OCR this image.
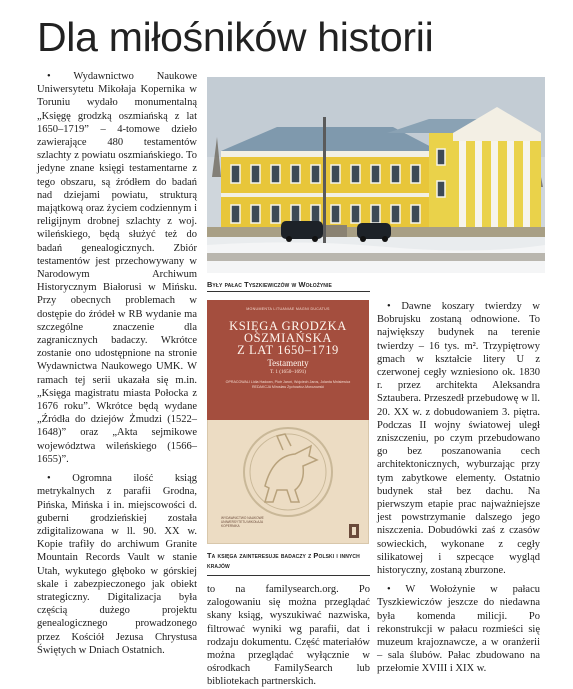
Dla miłośników historii

• Wydawnictwo Naukowe Uniwersytetu Mikołaja Kopernika w Toruniu wydało monumentalną „Księgę grodzką oszmiańską z lat 1650–1719” – 4-tomowe dzieło zawierające 480 testamentów szlachty z powiatu oszmiańskiego. To jedyne znane księgi testamentarne z tego obszaru, są źródłem do badań nad dziejami powiatu, strukturą majątkową oraz życiem codziennym i religijnym drobnej szlachty z woj. wileńskiego, będą służyć też do badań genealogicznych. Zbiór testamentów jest przechowywany w Narodowym Archiwum Historycznym Białorusi w Mińsku. Przy obecnych problemach w dostępie do źródeł w RB wydanie ma szczególne znaczenie dla zagranicznych badaczy. Wkrótce zostanie ono udostępnione na stronie Wydawnictwa Naukowego UMK. W ramach tej serii ukazała się m.in. „Księga magistratu miasta Połocka z 1676 roku”. Wkrótce będą wydane „Źródła do dziejów Żmudzi (1522–1648)” oraz „Akta sejmikowe województwa wileńskiego (1566–1655)”.

• Ogromna ilość ksiąg metrykalnych z parafii Grodna, Pińska, Mińska i in. miejscowości d. guberni grodzieńskiej została zdigitalizowana w ll. 90. XX w. Kopie trafiły do archiwum Granite Mountain Records Vault w stanie Utah, wykutego głęboko w górskiej skale i zabezpieczonego jak obiekt strategiczny. Digitalizacja była częścią dużego projektu genealogicznego prowadzonego przez Kościół Jezusa Chrystusa Świętych w Dniach Ostatnich.

Były pałac Tyszkiewiczów w Wołożynie
MONUMENTA LITUANIAE MAGNI DUCATUS
KSIĘGA GRODZKA
OSZMIAŃSKA
Z LAT 1650–1719
Testamenty
T. 1 (1650–1691)
OPRACOWALI Lidia Hadown, Piotr Jaroń, Wojciech Jaros, Jolanta Mnisiewicz REDAKCJA Mirosław Zychowicz-Morozowski
WYDAWNICTWO NAUKOWE UNIWERSYTETU MIKOŁAJA KOPERNIKA
Ta księga zainteresuje badaczy z Polski i innych krajów

to na familysearch.org. Po zalogowaniu się można przeglądać skany ksiąg, wyszukiwać nazwiska, filtrować wyniki wg parafii, dat i rodzaju dokumentu. Część materiałów można przeglądać wyłącznie w ośrodkach FamilySearch lub bibliotekach partnerskich.

• Dawne koszary twierdzy w Bobrujsku zostaną odnowione. To największy budynek na terenie twierdzy – 16 tys. m². Trzypiętrowy gmach w kształcie litery U z czerwonej cegły wzniesiono ok. 1830 r. przez architekta Aleksandra Sztaubera. Przeszedł przebudowę w ll. 20. XX w. z dobudowaniem 3. piętra. Podczas II wojny światowej uległ zniszczeniu, po czym przebudowano go bez poszanowania cech architektonicznych, wyburzając przy tym zabytkowe elementy. Ostatnio budynek stał bez dachu. Na pierwszym etapie prac najważniejsze jest powstrzymanie dalszego jego niszczenia. Dobudówki zaś z czasów sowieckich, wykonane z cegły silikatowej i szpecące wygląd historyczny, zostaną zburzone.

• W Wołożynie w pałacu Tyszkiewiczów jeszcze do niedawna była komenda milicji. Po rekonstrukcji w pałacu rozmieści się muzeum krajoznawcze, a w oranżerii – sala ślubów. Pałac zbudowano na przełomie XVIII i XIX w.
